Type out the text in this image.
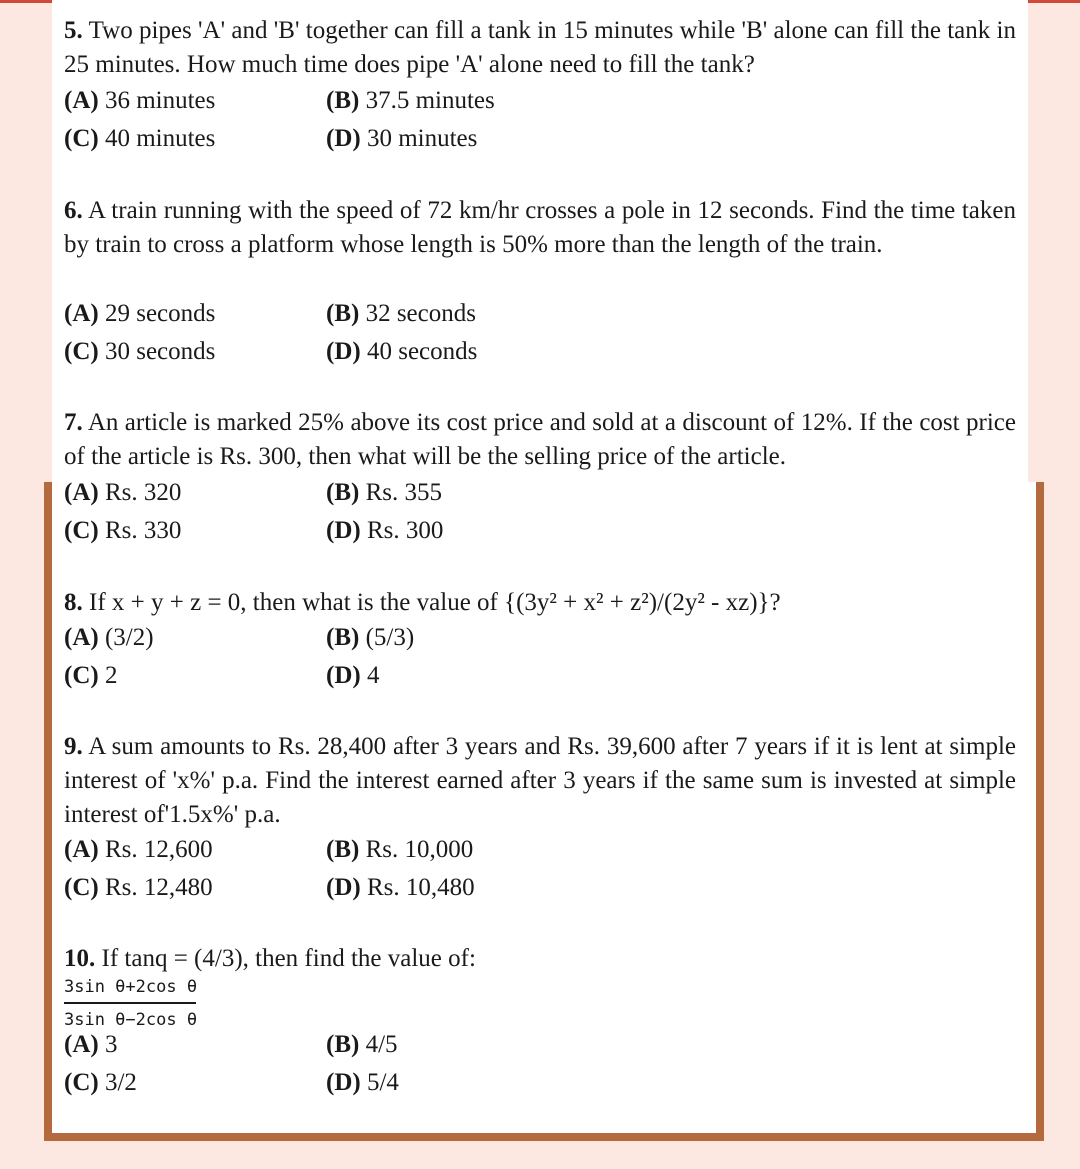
5. Two pipes 'A' and 'B' together can fill a tank in 15 minutes while 'B' alone can fill the tank in 25 minutes. How much time does pipe 'A' alone need to fill the tank?
(A) 36 minutes	(B) 37.5 minutes
(C) 40 minutes	(D) 30 minutes
6. A train running with the speed of 72 km/hr crosses a pole in 12 seconds. Find the time taken by train to cross a platform whose length is 50% more than the length of the train.
(A) 29 seconds	(B) 32 seconds
(C) 30 seconds	(D) 40 seconds
7. An article is marked 25% above its cost price and sold at a discount of 12%. If the cost price of the article is Rs. 300, then what will be the selling price of the article.
(A) Rs. 320	(B) Rs. 355
(C) Rs. 330	(D) Rs. 300
8. If x + y + z = 0, then what is the value of {(3y² + x² + z²)/(2y² - xz)}?
(A) (3/2)	(B) (5/3)
(C) 2	(D) 4
9. A sum amounts to Rs. 28,400 after 3 years and Rs. 39,600 after 7 years if it is lent at simple interest of 'x%' p.a. Find the interest earned after 3 years if the same sum is invested at simple interest of'1.5x%' p.a.
(A) Rs. 12,600	(B) Rs. 10,000
(C) Rs. 12,480	(D) Rs. 10,480
10. If tanq = (4/3), then find the value of:
3sin θ+2cos θ
3sin θ−2cos θ
(A) 3	(B) 4/5
(C) 3/2	(D) 5/4
